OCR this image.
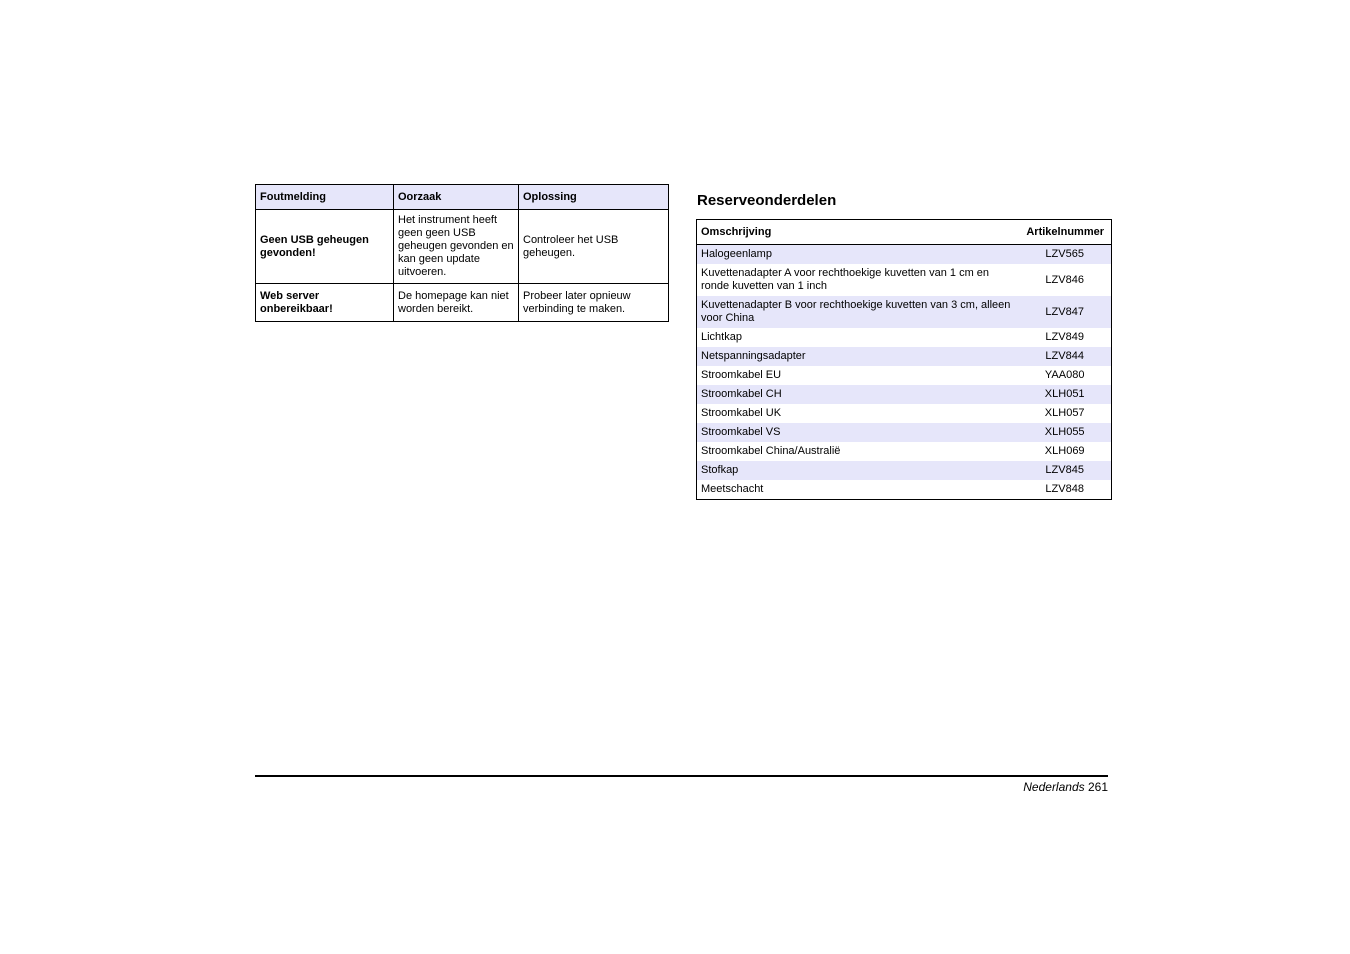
Foutmelding	Oorzaak	Oplossing
Geen USB geheugen gevonden!	Het instrument heeft geen geen USB geheugen gevonden en kan geen update uitvoeren.	Controleer het USB geheugen.
Web server onbereikbaar!	De homepage kan niet worden bereikt.	Probeer later opnieuw verbinding te maken.
Reserveonderdelen
Omschrijving	Artikelnummer
Halogeenlamp	LZV565
Kuvettenadapter A voor rechthoekige kuvetten van 1 cm en ronde kuvetten van 1 inch	LZV846
Kuvettenadapter B voor rechthoekige kuvetten van 3 cm, alleen voor China	LZV847
Lichtkap	LZV849
Netspanningsadapter	LZV844
Stroomkabel EU	YAA080
Stroomkabel CH	XLH051
Stroomkabel UK	XLH057
Stroomkabel VS	XLH055
Stroomkabel China/Australië	XLH069
Stofkap	LZV845
Meetschacht	LZV848
Nederlands 261
